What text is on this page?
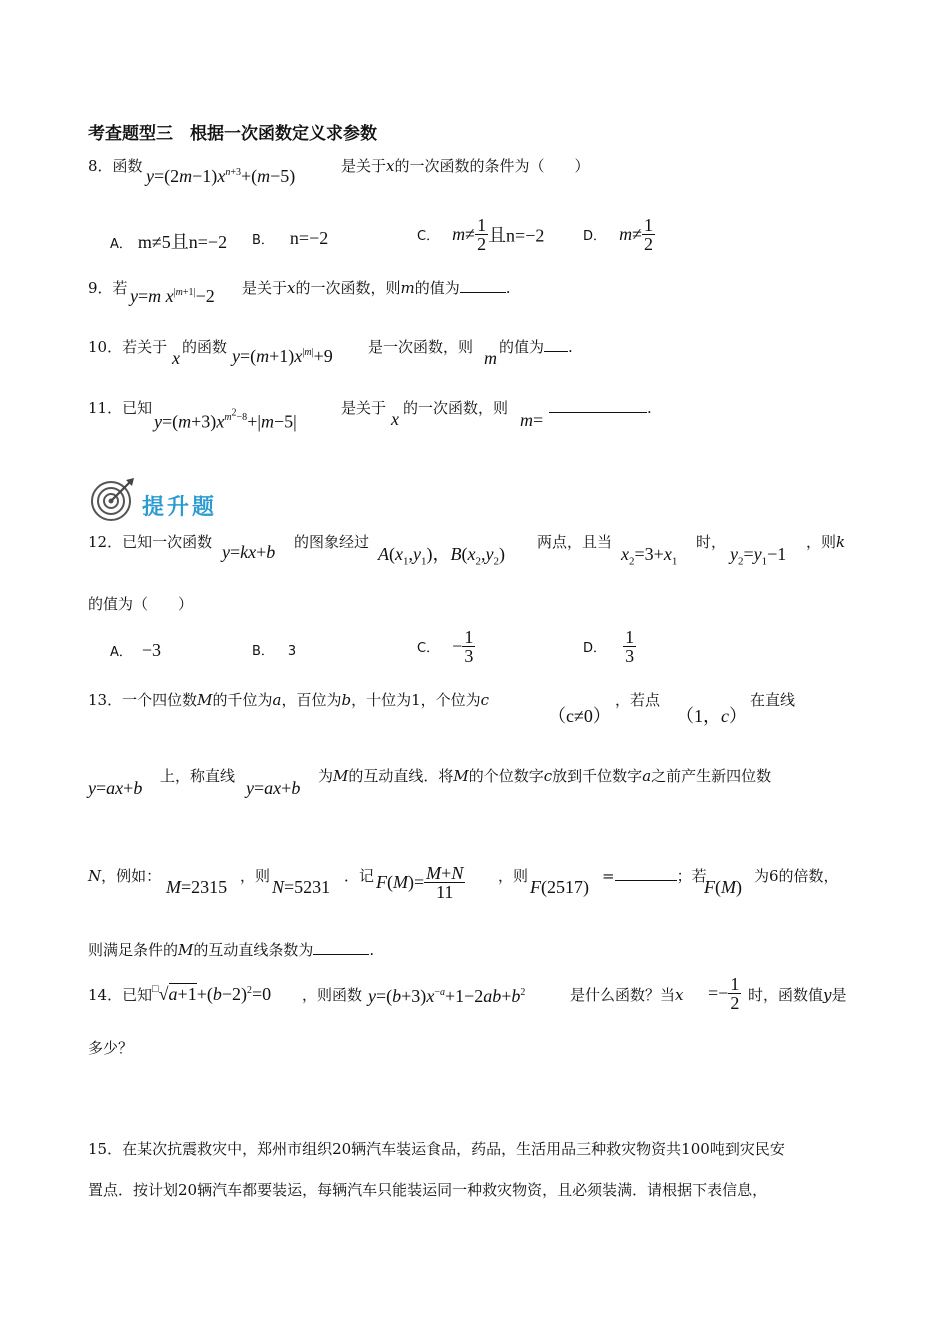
考查题型三　根据一次函数定义求参数
8．函数 $y=(2m-1)x^{n+3}+(m-5)$	是关于x的一次函数的条件为（　　）
A． m≠5且n=−2 B． n=−2	C． $m\ne \frac{1}{2}$ 且n=−2	D． $m\ne \frac{1}{2}$
9．若 y=m $x^{|m+1|}-2$ 是关于x的一次函数，则m的值为	.
10．若关于
x
的函数 $y=(m+1)x^{|m|}+9$ 是一次函数，则
m
的值为 .
11．已知
$y=(m+3)x^{m^2-8}+|m-5|$
是关于
x
的一次函数，则
m=
.
提升题
12．已知一次函数 y=kx+b 的图象经过
$A(x_1,y_1)$，$B(x_2,y_2)$
两点，且当
$x_2=3+x_1$
时，
$y_2=y_1-1$
，则k
的值为（　　）
A． −3	B． 3	C． − $\frac{1}{3}$	D． $\frac{1}{3}$
13．一个四位数M的千位为a，百位为b，十位为1，个位为c
（c≠0）
，若点
（1，c）
在直线
y=ax+b
上，称直线
y=ax+b
为M的互动直线．将M的个位数字c放到千位数字a之前产生新四位数
N，例如：
M=2315
，则
N=5231
．记 $F(M)= \frac{M+N}{11}$ ，则
F(2517)
=	；若
F(M)
为6的倍数，
则满足条件的M的互动直线条数为	.
14．已知 $^□√a+1+(b-2)^2=0$ ，则函数 $y=(b+3)x^{-a}+1-2ab+b^2$	是什么函数？当$x =- \frac{1}{2}$ 时，函数值y是
多少？
15．在某次抗震救灾中，郑州市组织20辆汽车装运食品，药品，生活用品三种救灾物资共100吨到灾民安
置点．按计划20辆汽车都要装运，每辆汽车只能装运同一种救灾物资，且必须装满．请根据下表信息，
